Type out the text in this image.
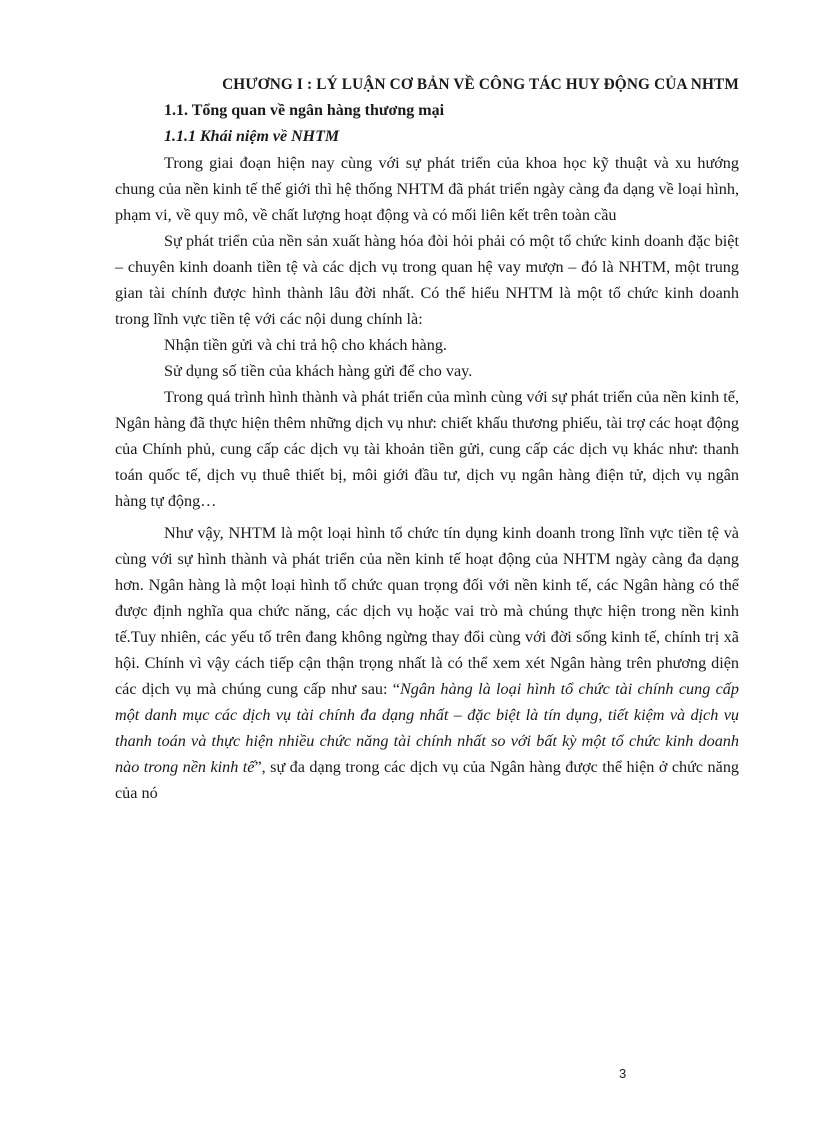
CHƯƠNG I : LÝ LUẬN CƠ BẢN VỀ CÔNG TÁC HUY ĐỘNG CỦA NHTM
1.1. Tổng quan về ngân hàng thương mại
1.1.1 Khái niệm về NHTM

Trong giai đoạn hiện nay cùng với sự phát triển của khoa học kỹ thuật và xu hướng chung của nền kinh tế thế giới thì hệ thống NHTM đã phát triển ngày càng đa dạng về loại hình, phạm vi, về quy mô, về chất lượng hoạt động và có mối liên kết trên toàn cầu

Sự phát triển của nền sản xuất hàng hóa đòi hỏi phải có một tổ chức kinh doanh đặc biệt – chuyên kinh doanh tiền tệ và các dịch vụ trong quan hệ vay mượn – đó là NHTM, một trung gian tài chính được hình thành lâu đời nhất. Có thể hiểu NHTM là một tổ chức kinh doanh trong lĩnh vực tiền tệ với các nội dung chính là:

Nhận tiền gửi và chi trả hộ cho khách hàng.

Sử dụng số tiền của khách hàng gửi để cho vay.

Trong quá trình hình thành và phát triển của mình cùng với sự phát triển của nền kinh tế, Ngân hàng đã thực hiện thêm những dịch vụ như: chiết khấu thương phiếu, tài trợ các hoạt động của Chính phủ, cung cấp các dịch vụ tài khoản tiền gửi, cung cấp các dịch vụ khác như: thanh toán quốc tế, dịch vụ thuê thiết bị, môi giới đầu tư, dịch vụ ngân hàng điện tử, dịch vụ ngân hàng tự động…

Như vậy, NHTM là một loại hình tổ chức tín dụng kinh doanh trong lĩnh vực tiền tệ và cùng với sự hình thành và phát triển của nền kinh tế hoạt động của NHTM ngày càng đa dạng hơn. Ngân hàng là một loại hình tổ chức quan trọng đối với nền kinh tế, các Ngân hàng có thể được định nghĩa qua chức năng, các dịch vụ hoặc vai trò mà chúng thực hiện trong nền kinh tế.Tuy nhiên, các yếu tố trên đang không ngừng thay đổi cùng với đời sống kinh tế, chính trị xã hội. Chính vì vậy cách tiếp cận thận trọng nhất là có thể xem xét Ngân hàng trên phương diện các dịch vụ mà chúng cung cấp như sau: “Ngân hàng là loại hình tổ chức tài chính cung cấp một danh mục các dịch vụ tài chính đa dạng nhất – đặc biệt là tín dụng, tiết kiệm và dịch vụ thanh toán và thực hiện nhiều chức năng tài chính nhất so với bất kỳ một tổ chức kinh doanh nào trong nền kinh tế”, sự đa dạng trong các dịch vụ của Ngân hàng được thể hiện ở chức năng của nó

3
